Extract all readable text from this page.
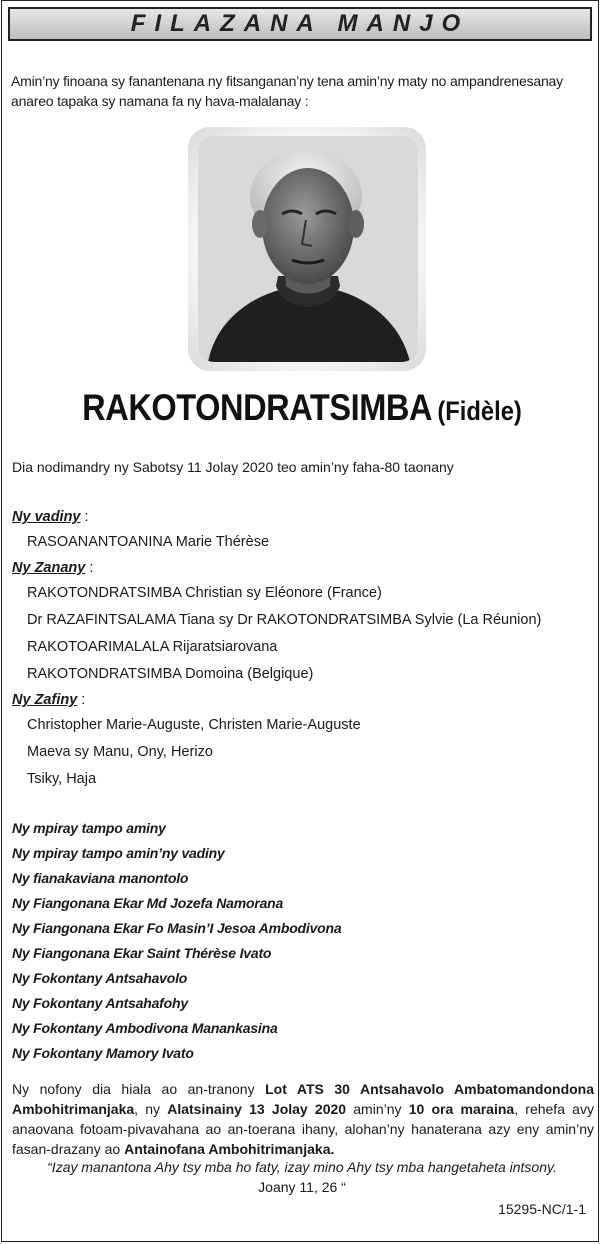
FILAZANA MANJO
Amin’ny finoana sy fanantenana ny fitsanganan’ny tena amin’ny maty no ampandrenesanay anareo tapaka sy namana fa ny hava-malalanay :
RAKOTONDRATSIMBA (Fidèle)
Dia nodimandry ny Sabotsy 11 Jolay 2020 teo amin’ny faha-80 taonany
Ny vadiny :
RASOANANTOANINA Marie Thérèse
Ny Zanany :
RAKOTONDRATSIMBA Christian sy Eléonore (France)
Dr RAZAFINTSALAMA Tiana sy Dr RAKOTONDRATSIMBA Sylvie (La Réunion)
RAKOTOARIMALALA Rijaratsiarovana
RAKOTONDRATSIMBA Domoina (Belgique)
Ny Zafiny :
Christopher Marie-Auguste, Christen Marie-Auguste
Maeva sy Manu, Ony, Herizo
Tsiky, Haja
Ny mpiray tampo aminy
Ny mpiray tampo amin’ny vadiny
Ny fianakaviana manontolo
Ny Fiangonana Ekar Md Jozefa Namorana
Ny Fiangonana Ekar Fo Masin’I Jesoa Ambodivona
Ny Fiangonana Ekar Saint Thérèse Ivato
Ny Fokontany Antsahavolo
Ny Fokontany Antsahafohy
Ny Fokontany Ambodivona Manankasina
Ny Fokontany Mamory Ivato
Ny nofony dia hiala ao an-tranony Lot ATS 30 Antsahavolo Ambatomandondona Ambohitrimanjaka, ny Alatsinainy 13 Jolay 2020 amin’ny 10 ora maraina, rehefa avy anaovana fotoam-pivavahana ao an-toerana ihany, alohan’ny hanaterana azy eny amin’ny fasan-drazany ao Antainofana Ambohitrimanjaka.
“Izay manantona Ahy tsy mba ho faty, izay mino Ahy tsy mba hangetaheta intsony.
Joany 11, 26 “
15295-NC/1-1
